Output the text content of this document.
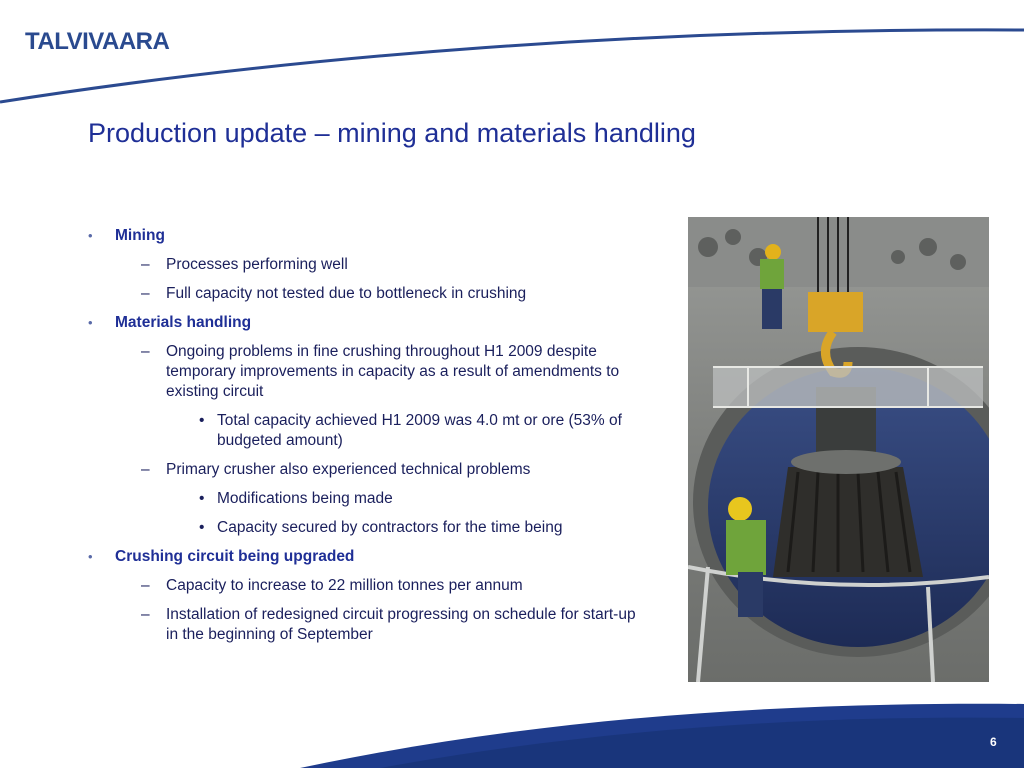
TALVIVAARA
Production update – mining and materials handling
• Mining
– Processes performing well
– Full capacity not tested due to bottleneck in crushing
• Materials handling
– Ongoing problems in fine crushing throughout H1 2009 despite temporary improvements in capacity as a result of amendments to existing circuit
• Total capacity achieved H1 2009 was 4.0 mt or ore (53% of budgeted amount)
– Primary crusher also experienced technical problems
• Modifications being made
• Capacity secured by contractors for the time being
• Crushing circuit being upgraded
– Capacity to increase to 22 million tonnes per annum
– Installation of redesigned circuit progressing on schedule for start-up in the beginning of September
6
